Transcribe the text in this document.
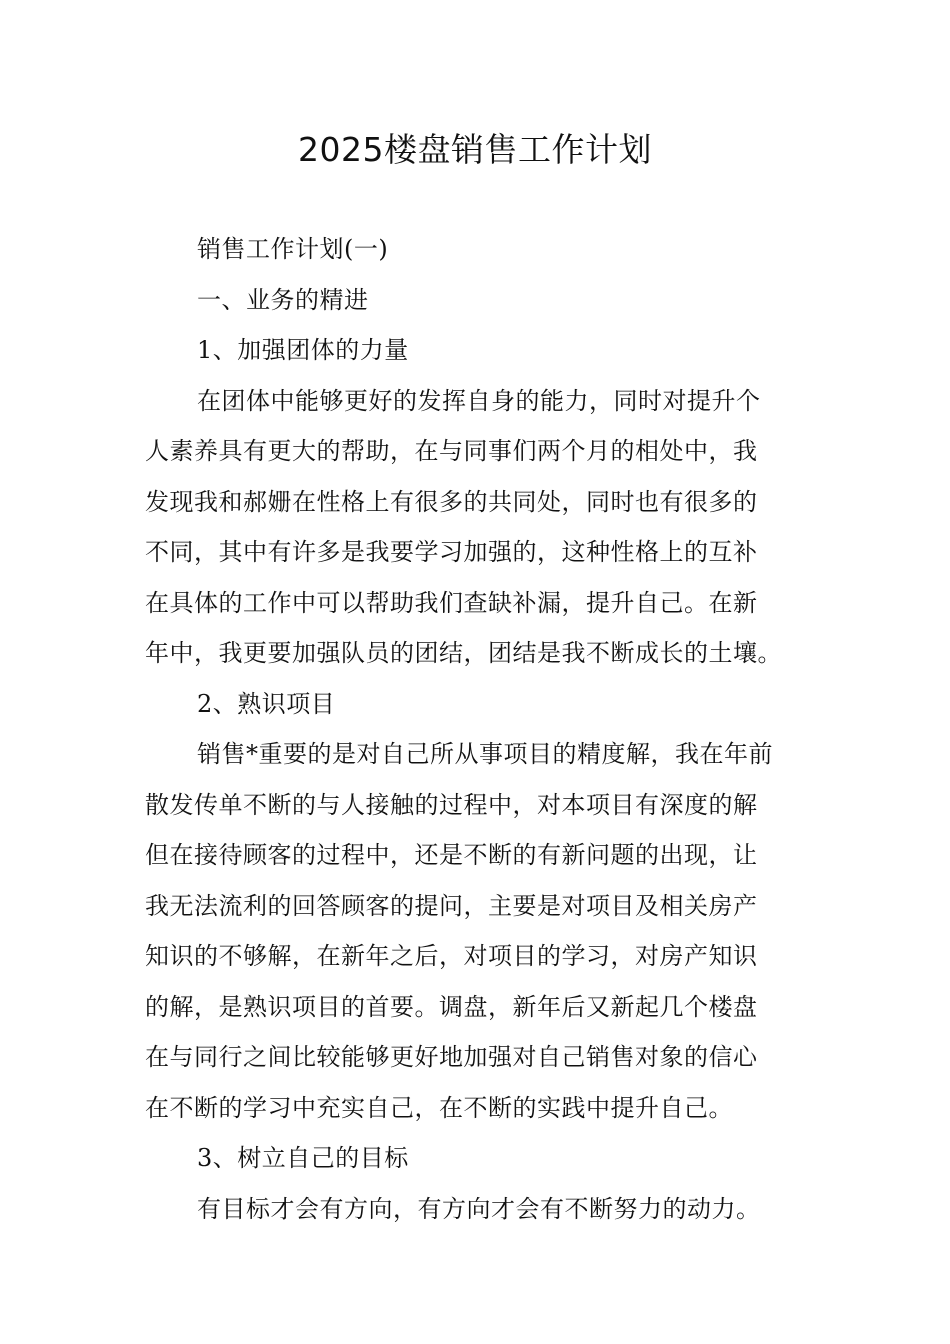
2025楼盘销售工作计划

销售工作计划(一)

一、业务的精进

1、加强团体的力量

在团体中能够更好的发挥自身的能力，同时对提升个

人素养具有更大的帮助，在与同事们两个月的相处中，我

发现我和郝姗在性格上有很多的共同处，同时也有很多的

不同，其中有许多是我要学习加强的，这种性格上的互补

在具体的工作中可以帮助我们查缺补漏，提升自己。在新

年中，我更要加强队员的团结，团结是我不断成长的土壤。

2、熟识项目

销售*重要的是对自己所从事项目的精度解，我在年前

散发传单不断的与人接触的过程中，对本项目有深度的解

但在接待顾客的过程中，还是不断的有新问题的出现，让

我无法流利的回答顾客的提问，主要是对项目及相关房产

知识的不够解，在新年之后，对项目的学习，对房产知识

的解，是熟识项目的首要。调盘，新年后又新起几个楼盘

在与同行之间比较能够更好地加强对自己销售对象的信心

在不断的学习中充实自己，在不断的实践中提升自己。

3、树立自己的目标

有目标才会有方向，有方向才会有不断努力的动力。
